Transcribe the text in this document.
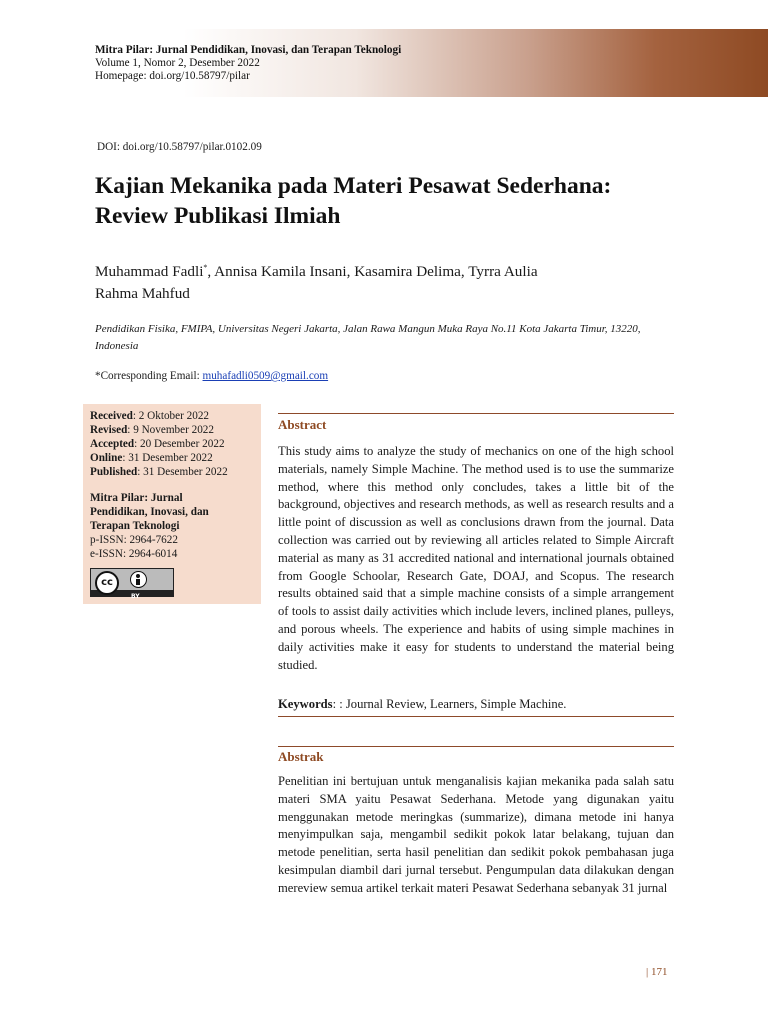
Mitra Pilar: Jurnal Pendidikan, Inovasi, dan Terapan Teknologi
Volume 1, Nomor 2, Desember 2022
Homepage: doi.org/10.58797/pilar
DOI: doi.org/10.58797/pilar.0102.09
Kajian Mekanika pada Materi Pesawat Sederhana:
Review Publikasi Ilmiah
Muhammad Fadli*, Annisa Kamila Insani, Kasamira Delima, Tyrra Aulia
Rahma Mahfud
Pendidikan Fisika, FMIPA, Universitas Negeri Jakarta, Jalan Rawa Mangun Muka Raya No.11 Kota Jakarta Timur, 13220, Indonesia
*Corresponding Email: muhafadli0509@gmail.com
Received: 2 Oktober 2022
Revised: 9 November 2022
Accepted: 20 Desember 2022
Online: 31 Desember 2022
Published: 31 Desember 2022
Mitra Pilar: Jurnal
Pendidikan, Inovasi, dan
Terapan Teknologi
p-ISSN: 2964-7622
e-ISSN: 2964-6014
cc
BY
Abstract
This study aims to analyze the study of mechanics on one of the high school materials, namely Simple Machine. The method used is to use the summarize method, where this method only concludes, takes a little bit of the background, objectives and research methods, as well as research results and a little point of discussion as well as conclusions drawn from the journal. Data collection was carried out by reviewing all articles related to Simple Aircraft material as many as 31 accredited national and international journals obtained from Google Schoolar, Research Gate, DOAJ, and Scopus. The research results obtained said that a simple machine consists of a simple arrangement of tools to assist daily activities which include levers, inclined planes, pulleys, and porous wheels. The experience and habits of using simple machines in daily activities make it easy for students to understand the material being studied.
Keywords: : Journal Review, Learners, Simple Machine.
Abstrak
Penelitian ini bertujuan untuk menganalisis kajian mekanika pada salah satu materi SMA yaitu Pesawat Sederhana. Metode yang digunakan yaitu menggunakan metode meringkas (summarize), dimana metode ini hanya menyimpulkan saja, mengambil sedikit pokok latar belakang, tujuan dan metode penelitian, serta hasil penelitian dan sedikit pokok pembahasan juga kesimpulan diambil dari jurnal tersebut. Pengumpulan data dilakukan dengan mereview semua artikel terkait materi Pesawat Sederhana sebanyak 31 jurnal
| 171
